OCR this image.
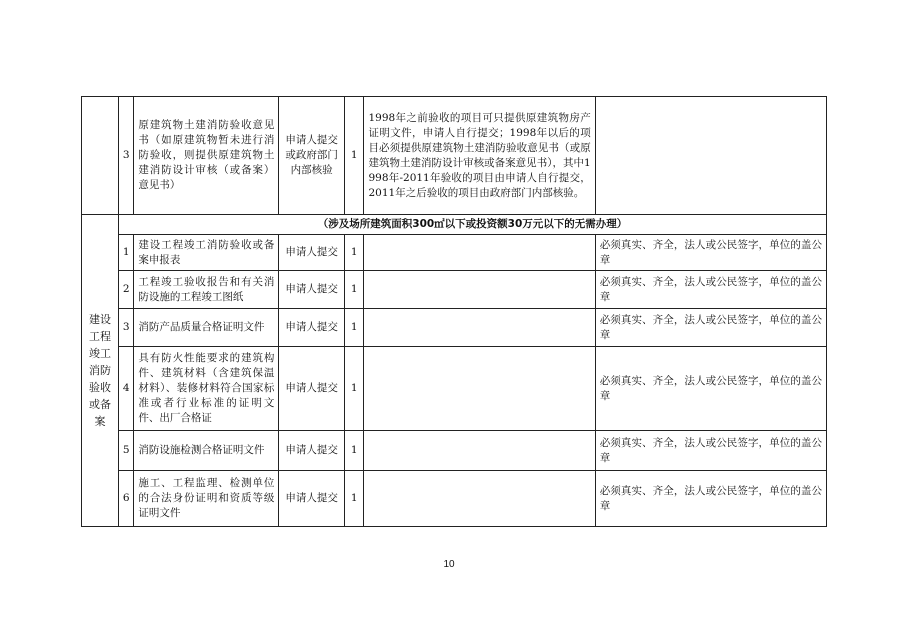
	3	原建筑物土建消防验收意见书（如原建筑物暂未进行消防验收，则提供原建筑物土建消防设计审核（或备案）意见书）	申请人提交或政府部门内部核验	1	1998年之前验收的项目可只提供原建筑物房产证明文件，申请人自行提交；1998年以后的项目必须提供原建筑物土建消防验收意见书（或原建筑物土建消防设计审核或备案意见书），其中1998年-2011年验收的项目由申请人自行提交，2011年之后验收的项目由政府部门内部核验。	
建设工程竣工消防验收或备案	（涉及场所建筑面积300㎡以下或投资额30万元以下的无需办理）					
	1	建设工程竣工消防验收或备案申报表	申请人提交	1		必须真实、齐全，法人或公民签字，单位的盖公章
	2	工程竣工验收报告和有关消防设施的工程竣工图纸	申请人提交	1		必须真实、齐全，法人或公民签字，单位的盖公章
	3	消防产品质量合格证明文件	申请人提交	1		必须真实、齐全，法人或公民签字，单位的盖公章
	4	具有防火性能要求的建筑构件、建筑材料（含建筑保温材料）、装修材料符合国家标准或者行业标准的证明文件、出厂合格证	申请人提交	1		必须真实、齐全，法人或公民签字，单位的盖公章
	5	消防设施检测合格证明文件	申请人提交	1		必须真实、齐全，法人或公民签字，单位的盖公章
	6	施工、工程监理、检测单位的合法身份证明和资质等级证明文件	申请人提交	1		必须真实、齐全，法人或公民签字，单位的盖公章
10
